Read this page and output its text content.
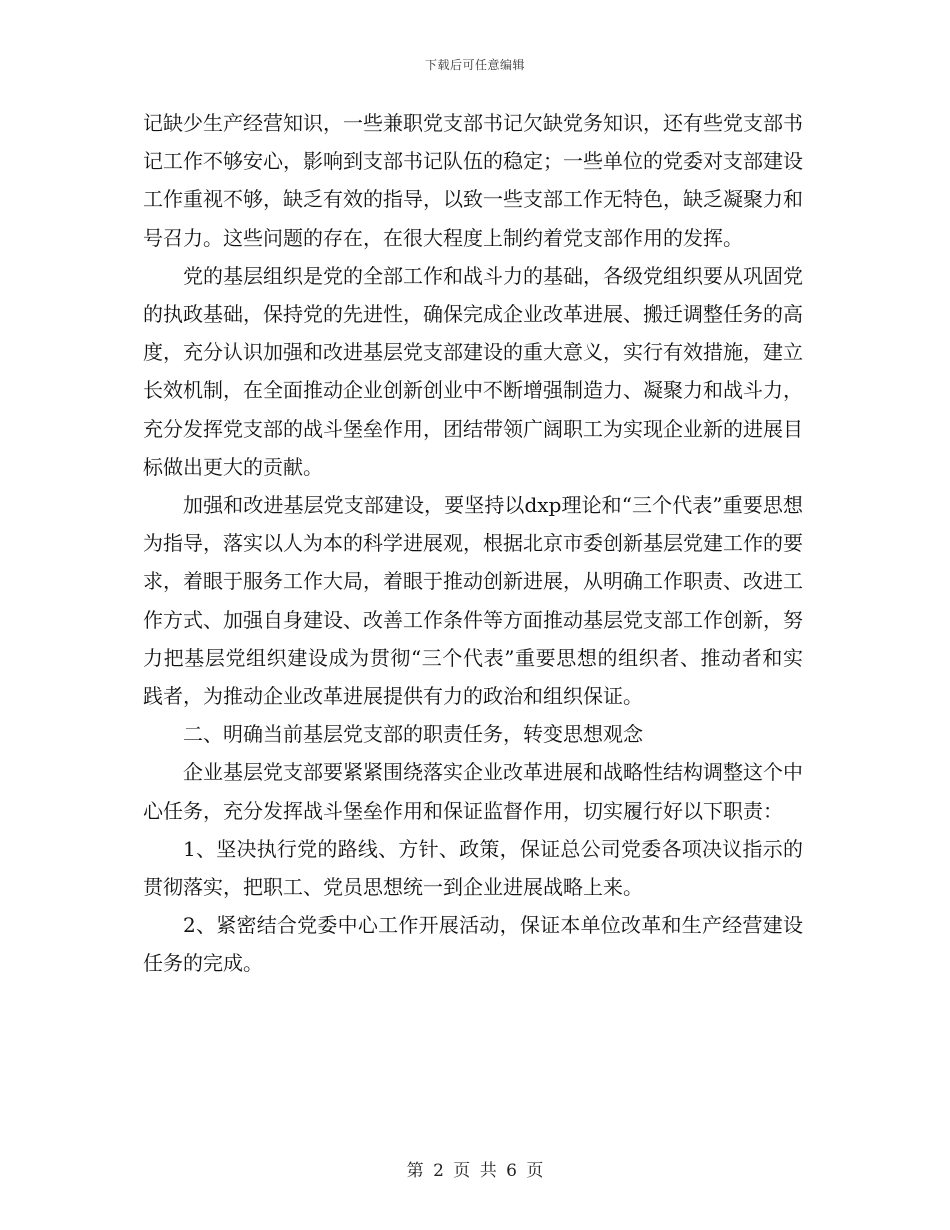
下载后可任意编辑

记缺少生产经营知识，一些兼职党支部书记欠缺党务知识，还有些党支部书记工作不够安心，影响到支部书记队伍的稳定；一些单位的党委对支部建设工作重视不够，缺乏有效的指导，以致一些支部工作无特色，缺乏凝聚力和号召力。这些问题的存在，在很大程度上制约着党支部作用的发挥。

党的基层组织是党的全部工作和战斗力的基础，各级党组织要从巩固党的执政基础，保持党的先进性，确保完成企业改革进展、搬迁调整任务的高度，充分认识加强和改进基层党支部建设的重大意义，实行有效措施，建立长效机制，在全面推动企业创新创业中不断增强制造力、凝聚力和战斗力，充分发挥党支部的战斗堡垒作用，团结带领广阔职工为实现企业新的进展目标做出更大的贡献。

加强和改进基层党支部建设，要坚持以dxp理论和“三个代表”重要思想为指导，落实以人为本的科学进展观，根据北京市委创新基层党建工作的要求，着眼于服务工作大局，着眼于推动创新进展，从明确工作职责、改进工作方式、加强自身建设、改善工作条件等方面推动基层党支部工作创新，努力把基层党组织建设成为贯彻“三个代表”重要思想的组织者、推动者和实践者，为推动企业改革进展提供有力的政治和组织保证。

二、明确当前基层党支部的职责任务，转变思想观念

企业基层党支部要紧紧围绕落实企业改革进展和战略性结构调整这个中心任务，充分发挥战斗堡垒作用和保证监督作用，切实履行好以下职责：

1、坚决执行党的路线、方针、政策，保证总公司党委各项决议指示的贯彻落实，把职工、党员思想统一到企业进展战略上来。

2、紧密结合党委中心工作开展活动，保证本单位改革和生产经营建设任务的完成。

第 2 页 共 6 页
